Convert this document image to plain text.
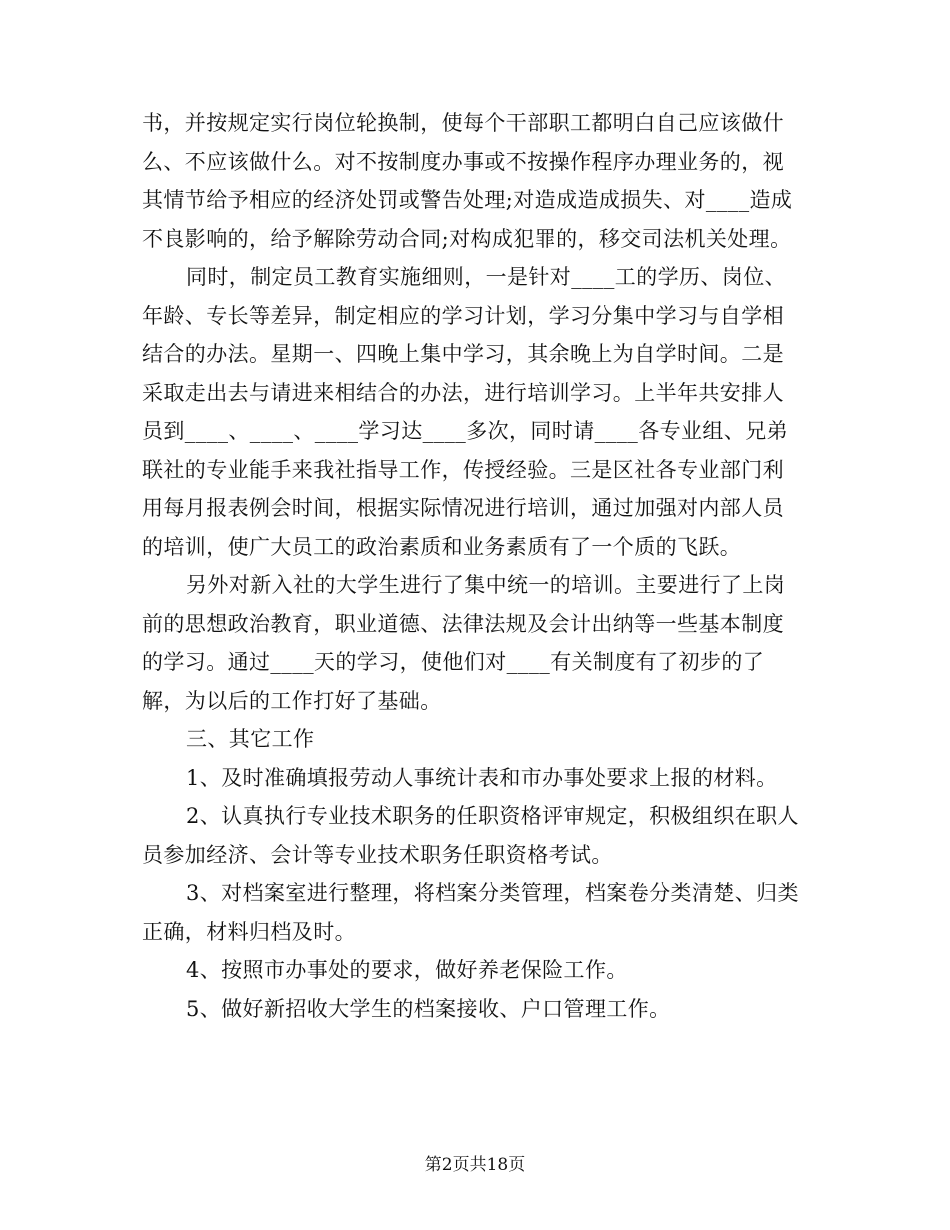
书，并按规定实行岗位轮换制，使每个干部职工都明白自己应该做什
么、不应该做什么。对不按制度办事或不按操作程序办理业务的，视
其情节给予相应的经济处罚或警告处理;对造成造成损失、对____造成
不良影响的，给予解除劳动合同;对构成犯罪的，移交司法机关处理。
同时，制定员工教育实施细则，一是针对____工的学历、岗位、
年龄、专长等差异，制定相应的学习计划，学习分集中学习与自学相
结合的办法。星期一、四晚上集中学习，其余晚上为自学时间。二是
采取走出去与请进来相结合的办法，进行培训学习。上半年共安排人
员到____、____、____学习达____多次，同时请____各专业组、兄弟
联社的专业能手来我社指导工作，传授经验。三是区社各专业部门利
用每月报表例会时间，根据实际情况进行培训，通过加强对内部人员
的培训，使广大员工的政治素质和业务素质有了一个质的飞跃。
另外对新入社的大学生进行了集中统一的培训。主要进行了上岗
前的思想政治教育，职业道德、法律法规及会计出纳等一些基本制度
的学习。通过____天的学习，使他们对____有关制度有了初步的了
解，为以后的工作打好了基础。
三、其它工作
1、及时准确填报劳动人事统计表和市办事处要求上报的材料。
2、认真执行专业技术职务的任职资格评审规定，积极组织在职人
员参加经济、会计等专业技术职务任职资格考试。
3、对档案室进行整理，将档案分类管理，档案卷分类清楚、归类
正确，材料归档及时。
4、按照市办事处的要求，做好养老保险工作。
5、做好新招收大学生的档案接收、户口管理工作。
第2页共18页
